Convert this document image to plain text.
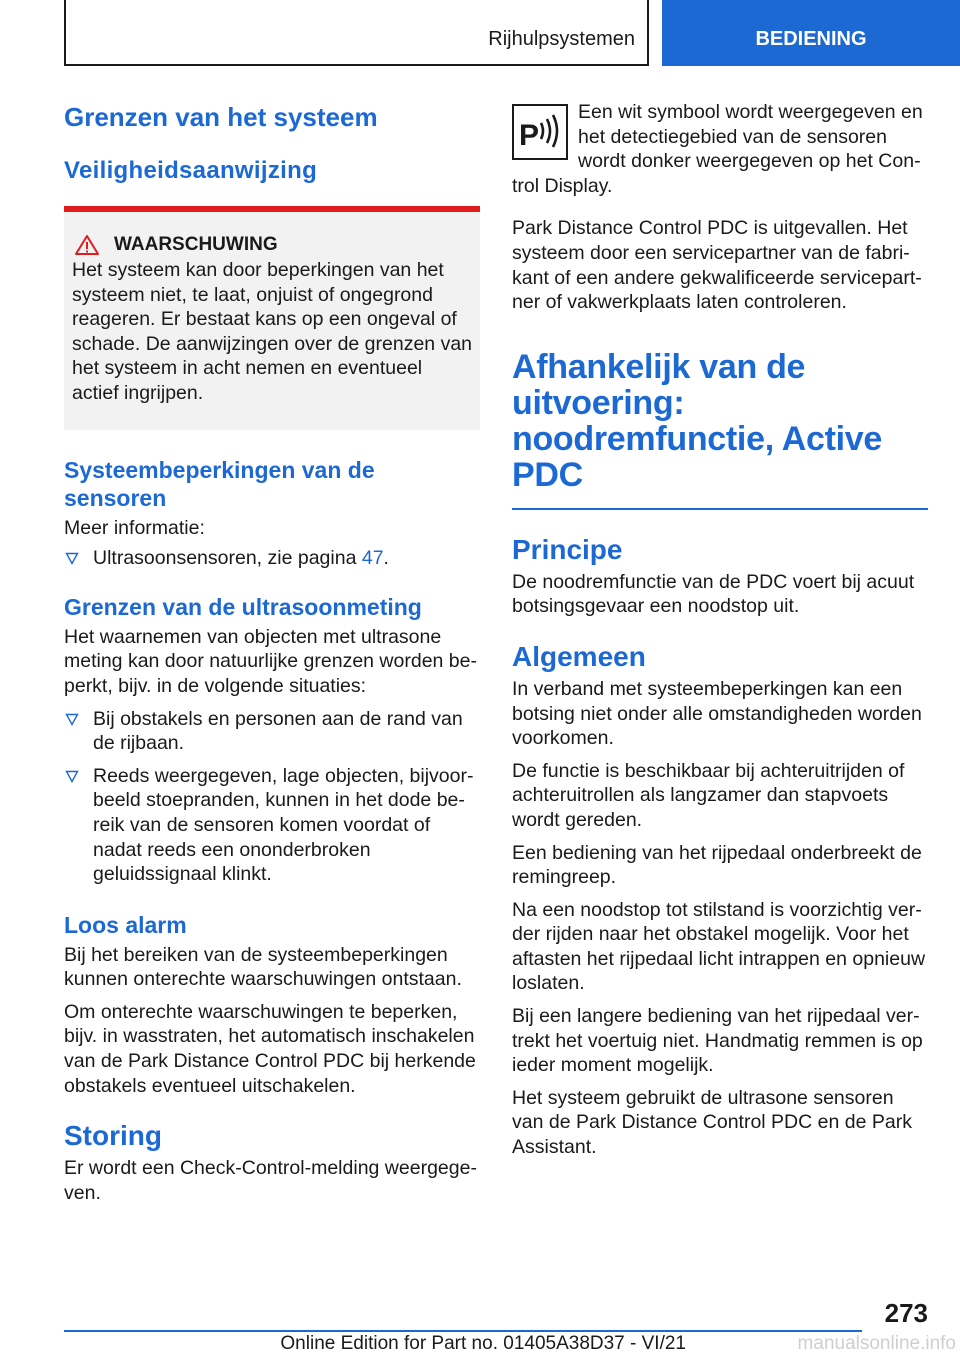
Rijhulpsystemen	BEDIENING
Grenzen van het systeem
Veiligheidsaanwijzing
WAARSCHUWING

Het systeem kan door beperkingen van het systeem niet, te laat, onjuist of ongegrond reageren. Er bestaat kans op een ongeval of schade. De aanwijzingen over de grenzen van het systeem in acht nemen en eventueel actief ingrijpen.

Systeembeperkingen van de sensoren

Meer informatie:

Ultrasoonsensoren, zie pagina 47.
Grenzen van de ultrasoonmeting

Het waarnemen van objecten met ultrasone meting kan door natuurlijke grenzen worden beperkt, bijv. in de volgende situaties:

Bij obstakels en personen aan de rand van de rijbaan.
Reeds weergegeven, lage objecten, bijvoorbeeld stoepranden, kunnen in het dode bereik van de sensoren komen voordat of nadat reeds een ononderbroken geluidssignaal klinkt.
Loos alarm

Bij het bereiken van de systeembeperkingen kunnen onterechte waarschuwingen ontstaan.

Om onterechte waarschuwingen te beperken, bijv. in wasstraten, het automatisch inschakelen van de Park Distance Control PDC bij herkende obstakels eventueel uitschakelen.

Storing

Er wordt een Check-Control-melding weergegeven.

P

Een wit symbool wordt weergegeven en het detectiegebied van de sensoren wordt donker weergegeven op het Control Display.

Park Distance Control PDC is uitgevallen. Het systeem door een servicepartner van de fabrikant of een andere gekwalificeerde servicepartner of vakwerkplaats laten controleren.

Afhankelijk van de uitvoering: noodremfunctie, Active PDC
Principe

De noodremfunctie van de PDC voert bij acuut botsingsgevaar een noodstop uit.

Algemeen

In verband met systeembeperkingen kan een botsing niet onder alle omstandigheden worden voorkomen.

De functie is beschikbaar bij achteruitrijden of achteruitrollen als langzamer dan stapvoets wordt gereden.

Een bediening van het rijpedaal onderbreekt de remingreep.

Na een noodstop tot stilstand is voorzichtig verder rijden naar het obstakel mogelijk. Voor het aftasten het rijpedaal licht intrappen en opnieuw loslaten.

Bij een langere bediening van het rijpedaal vertrekt het voertuig niet. Handmatig remmen is op ieder moment mogelijk.

Het systeem gebruikt de ultrasone sensoren van de Park Distance Control PDC en de Park Assistant.

273
manualsonline.info
Online Edition for Part no. 01405A38D37 - VI/21
